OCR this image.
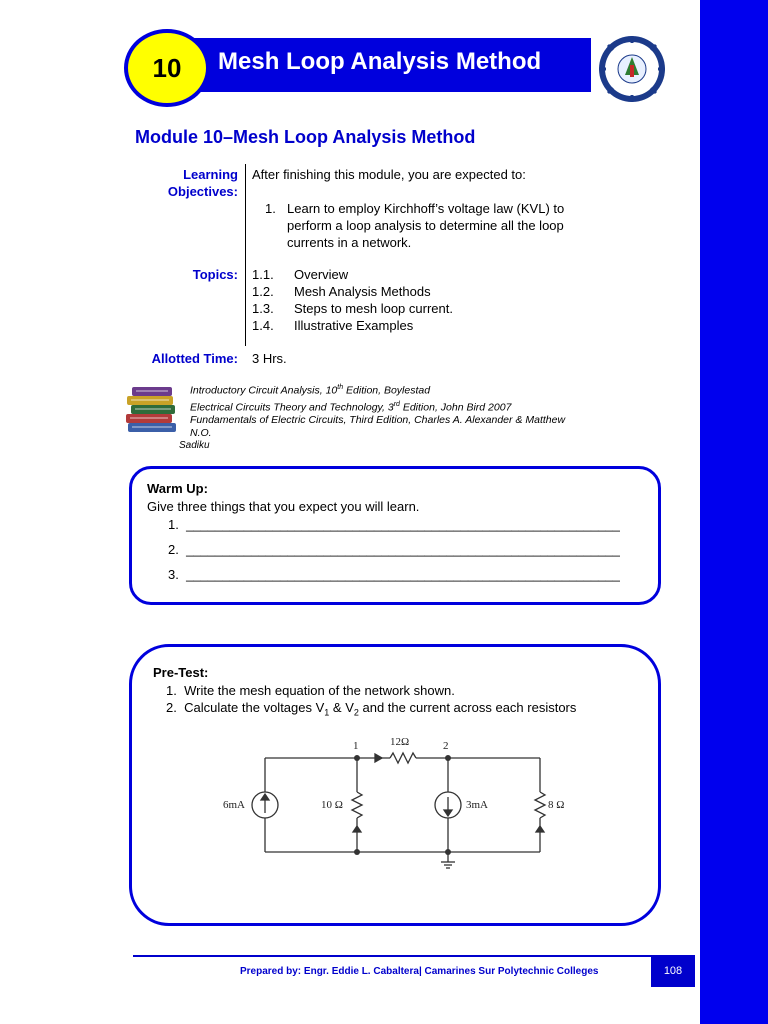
Mesh Loop Analysis Method
10
Module 10–Mesh Loop Analysis Method
Learning
Objectives:
After finishing this module, you are expected to:
1. Learn to employ Kirchhoff’s voltage law (KVL) to
perform a loop analysis to determine all the loop
currents in a network.
Topics: 1.1.	Overview
1.2.	Mesh Analysis Methods
1.3.	Steps to mesh loop current.
1.4.	Illustrative Examples
Allotted Time: 3 Hrs.
Introductory Circuit Analysis, 10th Edition, Boylestad
Electrical Circuits Theory and Technology, 3rd Edition, John Bird 2007
Fundamentals of Electric Circuits, Third Edition, Charles A. Alexander & Matthew
N.O.
Sadiku
Warm Up:
Give three things that you expect you will learn.
1. ____________________________________________________________
2. ____________________________________________________________
3. ____________________________________________________________
Pre-Test:
1. Write the mesh equation of the network shown.
2. Calculate the voltages $V_1$ & $V_2$ and the current across each resistors
1	2
12Ω
10 Ω	8 Ω
6mA	3mA
Prepared by: Engr. Eddie L. Cabaltera| Camarines Sur Polytechnic Colleges	108
